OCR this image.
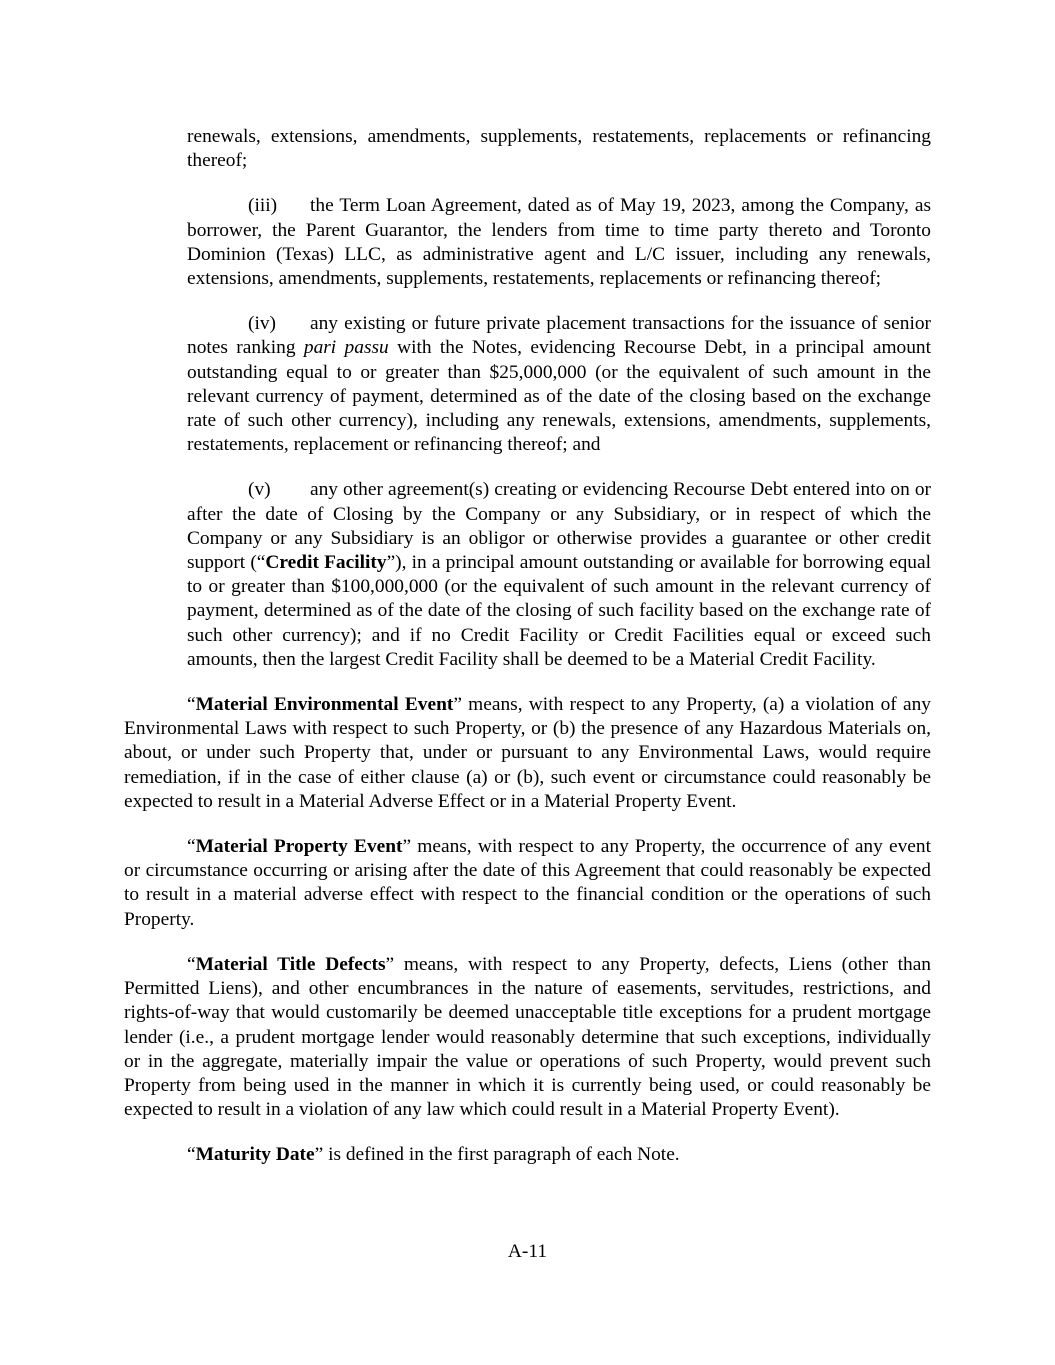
renewals, extensions, amendments, supplements, restatements, replacements or refinancing thereof;

(iii) the Term Loan Agreement, dated as of May 19, 2023, among the Company, as borrower, the Parent Guarantor, the lenders from time to time party thereto and Toronto Dominion (Texas) LLC, as administrative agent and L/C issuer, including any renewals, extensions, amendments, supplements, restatements, replacements or refinancing thereof;

(iv) any existing or future private placement transactions for the issuance of senior notes ranking pari passu with the Notes, evidencing Recourse Debt, in a principal amount outstanding equal to or greater than $25,000,000 (or the equivalent of such amount in the relevant currency of payment, determined as of the date of the closing based on the exchange rate of such other currency), including any renewals, extensions, amendments, supplements, restatements, replacement or refinancing thereof; and

(v) any other agreement(s) creating or evidencing Recourse Debt entered into on or after the date of Closing by the Company or any Subsidiary, or in respect of which the Company or any Subsidiary is an obligor or otherwise provides a guarantee or other credit support (“Credit Facility”), in a principal amount outstanding or available for borrowing equal to or greater than $100,000,000 (or the equivalent of such amount in the relevant currency of payment, determined as of the date of the closing of such facility based on the exchange rate of such other currency); and if no Credit Facility or Credit Facilities equal or exceed such amounts, then the largest Credit Facility shall be deemed to be a Material Credit Facility.

“Material Environmental Event” means, with respect to any Property, (a) a violation of any Environmental Laws with respect to such Property, or (b) the presence of any Hazardous Materials on, about, or under such Property that, under or pursuant to any Environmental Laws, would require remediation, if in the case of either clause (a) or (b), such event or circumstance could reasonably be expected to result in a Material Adverse Effect or in a Material Property Event.

“Material Property Event” means, with respect to any Property, the occurrence of any event or circumstance occurring or arising after the date of this Agreement that could reasonably be expected to result in a material adverse effect with respect to the financial condition or the operations of such Property.

“Material Title Defects” means, with respect to any Property, defects, Liens (other than Permitted Liens), and other encumbrances in the nature of easements, servitudes, restrictions, and rights-of-way that would customarily be deemed unacceptable title exceptions for a prudent mortgage lender (i.e., a prudent mortgage lender would reasonably determine that such exceptions, individually or in the aggregate, materially impair the value or operations of such Property, would prevent such Property from being used in the manner in which it is currently being used, or could reasonably be expected to result in a violation of any law which could result in a Material Property Event).

“Maturity Date” is defined in the first paragraph of each Note.

A-11
